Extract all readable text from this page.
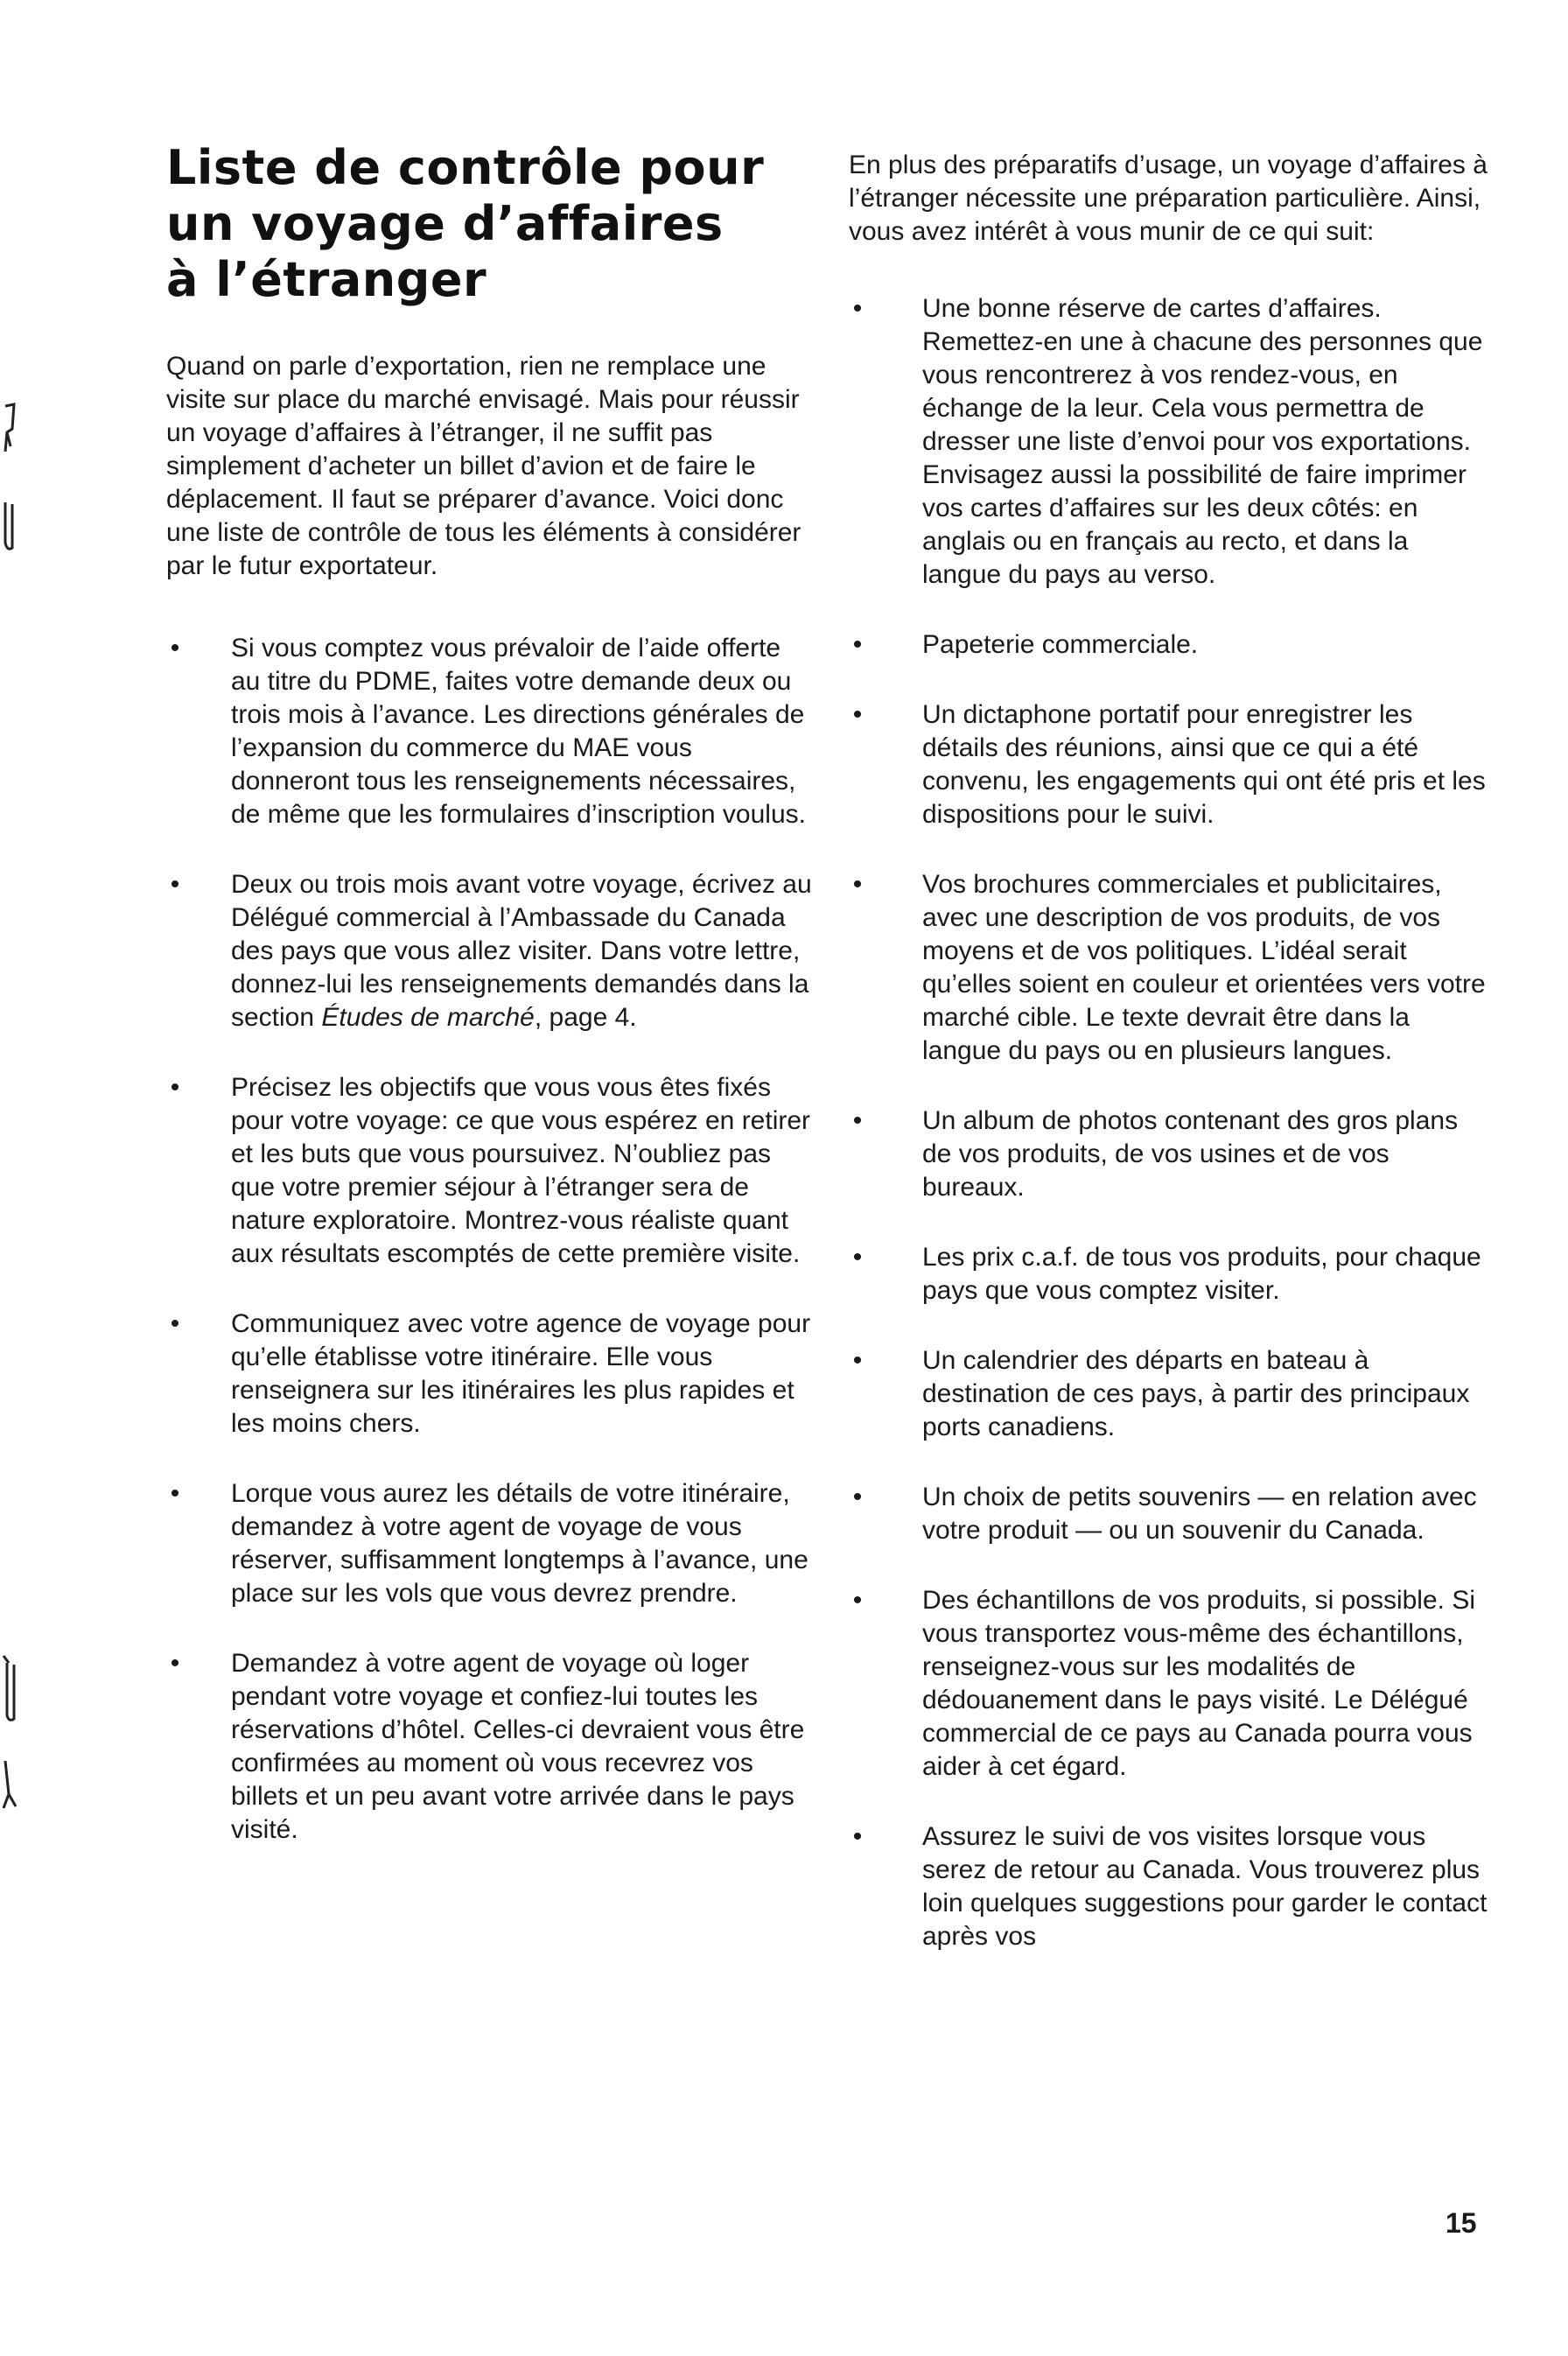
Liste de contrôle pour
un voyage d’affaires
à l’étranger

Quand on parle d’exportation, rien ne remplace une visite sur place du marché envisagé. Mais pour réussir un voyage d’affaires à l’étranger, il ne suffit pas simplement d’acheter un billet d’avion et de faire le déplacement. Il faut se préparer d’avance. Voici donc une liste de contrôle de tous les éléments à considérer par le futur exportateur.

• Si vous comptez vous prévaloir de l’aide offerte au titre du PDME, faites votre demande deux ou trois mois à l’avance. Les directions générales de l’expansion du commerce du MAE vous donneront tous les renseignements nécessaires, de même que les formulaires d’inscription voulus.
• Deux ou trois mois avant votre voyage, écrivez au Délégué commercial à l’Ambassade du Canada des pays que vous allez visiter. Dans votre lettre, donnez-lui les renseignements demandés dans la section Études de marché, page 4.
• Précisez les objectifs que vous vous êtes fixés pour votre voyage: ce que vous espérez en retirer et les buts que vous poursuivez. N’oubliez pas que votre premier séjour à l’étranger sera de nature exploratoire. Montrez-vous réaliste quant aux résultats escomptés de cette première visite.
• Communiquez avec votre agence de voyage pour qu’elle établisse votre itinéraire. Elle vous renseignera sur les itinéraires les plus rapides et les moins chers.
• Lorque vous aurez les détails de votre itinéraire, demandez à votre agent de voyage de vous réserver, suffisamment longtemps à l’avance, une place sur les vols que vous devrez prendre.
• Demandez à votre agent de voyage où loger pendant votre voyage et confiez-lui toutes les réservations d’hôtel. Celles-ci devraient vous être confirmées au moment où vous recevrez vos billets et un peu avant votre arrivée dans le pays visité.

En plus des préparatifs d’usage, un voyage d’affaires à l’étranger nécessite une préparation particulière. Ainsi, vous avez intérêt à vous munir de ce qui suit:

• Une bonne réserve de cartes d’affaires. Remettez-en une à chacune des personnes que vous rencontrerez à vos rendez-vous, en échange de la leur. Cela vous permettra de dresser une liste d’envoi pour vos exportations. Envisagez aussi la possibilité de faire imprimer vos cartes d’affaires sur les deux côtés: en anglais ou en français au recto, et dans la langue du pays au verso.
• Papeterie commerciale.
• Un dictaphone portatif pour enregistrer les détails des réunions, ainsi que ce qui a été convenu, les engagements qui ont été pris et les dispositions pour le suivi.
• Vos brochures commerciales et publicitaires, avec une description de vos produits, de vos moyens et de vos politiques. L’idéal serait qu’elles soient en couleur et orientées vers votre marché cible. Le texte devrait être dans la langue du pays ou en plusieurs langues.
• Un album de photos contenant des gros plans de vos produits, de vos usines et de vos bureaux.
• Les prix c.a.f. de tous vos produits, pour chaque pays que vous comptez visiter.
• Un calendrier des départs en bateau à destination de ces pays, à partir des principaux ports canadiens.
• Un choix de petits souvenirs — en relation avec votre produit — ou un souvenir du Canada.
• Des échantillons de vos produits, si possible. Si vous transportez vous-même des échantillons, renseignez-vous sur les modalités de dédouanement dans le pays visité. Le Délégué commercial de ce pays au Canada pourra vous aider à cet égard.
• Assurez le suivi de vos visites lorsque vous serez de retour au Canada. Vous trouverez plus loin quelques suggestions pour garder le contact après vos
15
